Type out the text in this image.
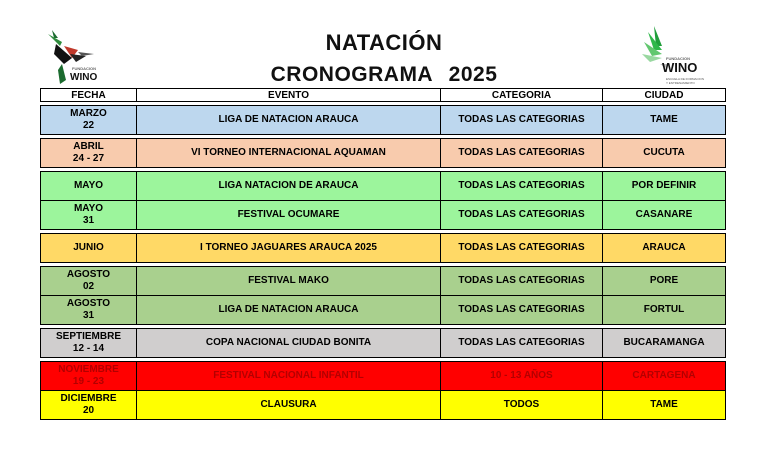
NATACIÓN
CRONOGRAMA 2025
FUNDACION
WINO
FUNDACION
WINO
ESCUELA DE FORMACION
Y ENTRENAMIENTO
FECHA	EVENTO	CATEGORIA	CIUDAD

MARZO
22	LIGA DE NATACION ARAUCA	TODAS LAS CATEGORIAS	TAME

ABRIL
24 - 27	VI TORNEO INTERNACIONAL AQUAMAN	TODAS LAS CATEGORIAS	CUCUTA

MAYO	LIGA NATACION DE ARAUCA	TODAS LAS CATEGORIAS	POR DEFINIR

MAYO
31	FESTIVAL OCUMARE	TODAS LAS CATEGORIAS	CASANARE

JUNIO	I TORNEO JAGUARES ARAUCA 2025	TODAS LAS CATEGORIAS	ARAUCA

AGOSTO
02	FESTIVAL MAKO	TODAS LAS CATEGORIAS	PORE

AGOSTO
31	LIGA DE NATACION ARAUCA	TODAS LAS CATEGORIAS	FORTUL

SEPTIEMBRE
12 - 14	COPA NACIONAL CIUDAD BONITA	TODAS LAS CATEGORIAS	BUCARAMANGA

NOVIEMBRE
19 - 23	FESTIVAL NACIONAL INFANTIL	10 - 13 AÑOS	CARTAGENA

DICIEMBRE
20	CLAUSURA	TODOS	TAME
